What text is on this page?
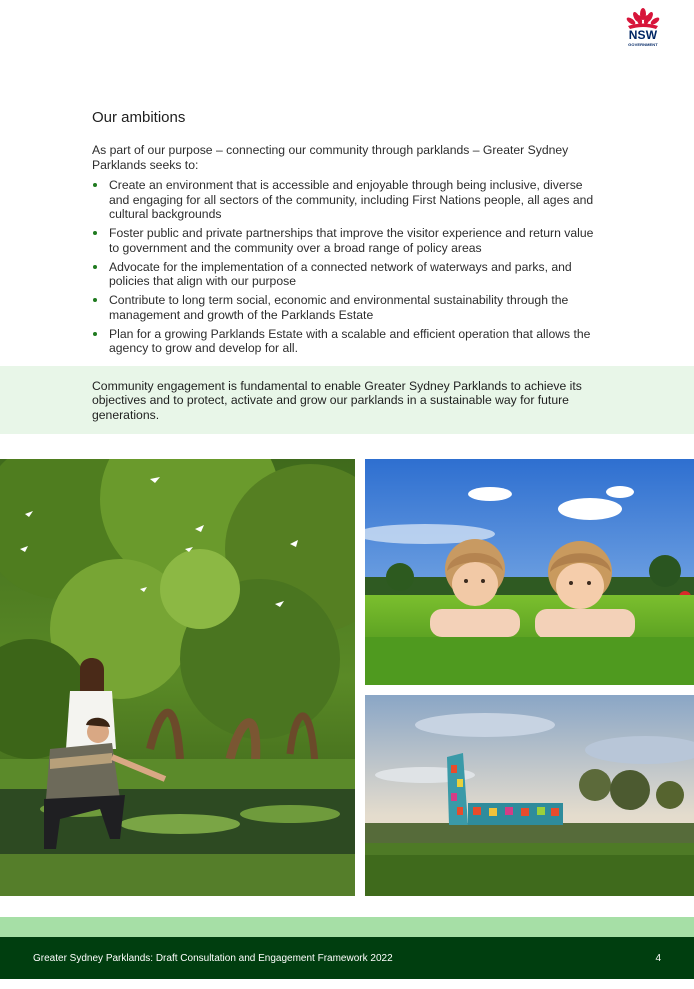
NSW
GOVERNMENT
Our ambitions

As part of our purpose – connecting our community through parklands – Greater Sydney Parklands seeks to:

Create an environment that is accessible and enjoyable through being inclusive, diverse and engaging for all sectors of the community, including First Nations people, all ages and cultural backgrounds
Foster public and private partnerships that improve the visitor experience and return value to government and the community over a broad range of policy areas
Advocate for the implementation of a connected network of waterways and parks, and policies that align with our purpose
Contribute to long term social, economic and environmental sustainability through the management and growth of the Parklands Estate
Plan for a growing Parklands Estate with a scalable and efficient operation that allows the agency to grow and develop for all.

Community engagement is fundamental to enable Greater Sydney Parklands to achieve its objectives and to protect, activate and grow our parklands in a sustainable way for future generations.

Greater Sydney Parklands: Draft Consultation and Engagement Framework 2022	4
